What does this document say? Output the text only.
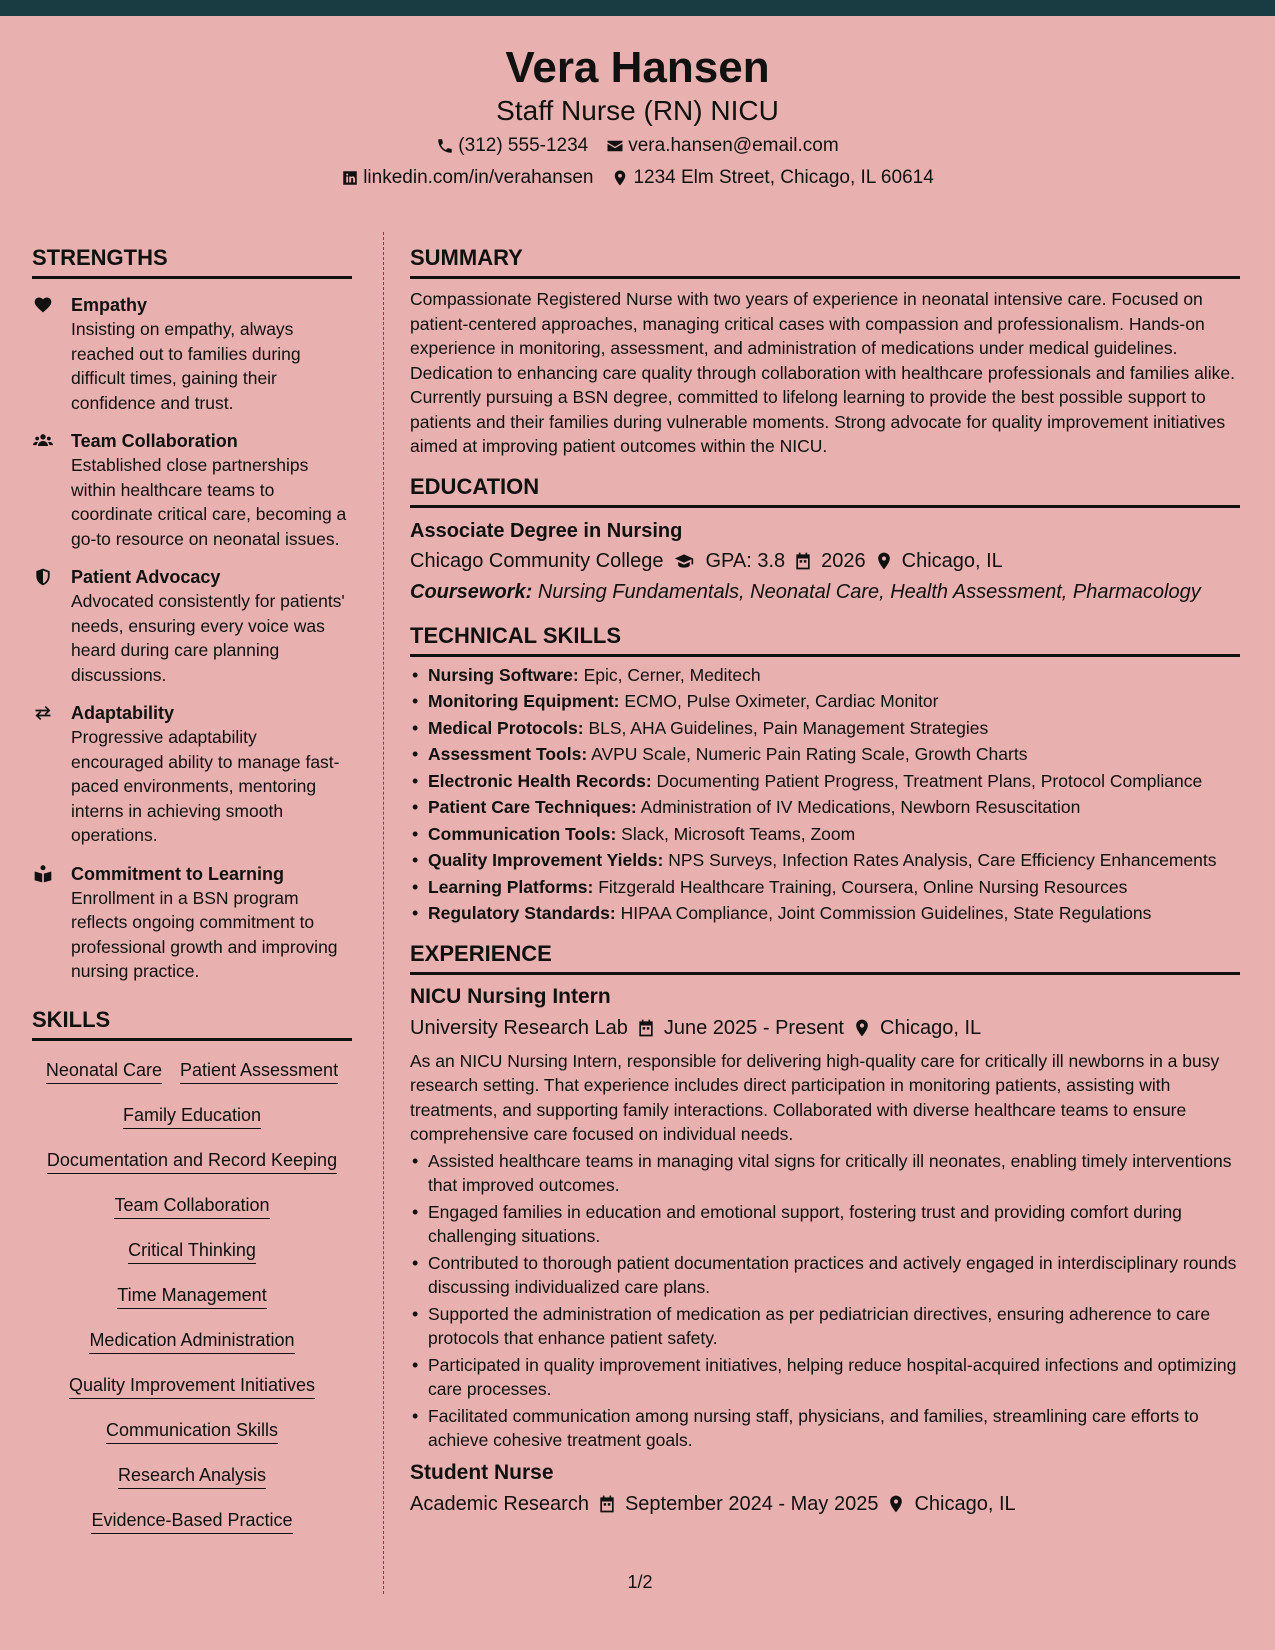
Vera Hansen
Staff Nurse (RN) NICU
(312) 555-1234 vera.hansen@email.com
linkedin.com/in/verahansen 1234 Elm Street, Chicago, IL 60614
STRENGTHS
Empathy
Insisting on empathy, always reached out to families during difficult times, gaining their confidence and trust.
Team Collaboration
Established close partnerships within healthcare teams to coordinate critical care, becoming a go-to resource on neonatal issues.
Patient Advocacy
Advocated consistently for patients' needs, ensuring every voice was heard during care planning discussions.
Adaptability
Progressive adaptability encouraged ability to manage fast-paced environments, mentoring interns in achieving smooth operations.
Commitment to Learning
Enrollment in a BSN program reflects ongoing commitment to professional growth and improving nursing practice.
SKILLS
Neonatal Care Patient Assessment
Family Education
Documentation and Record Keeping
Team Collaboration
Critical Thinking
Time Management
Medication Administration
Quality Improvement Initiatives
Communication Skills
Research Analysis
Evidence-Based Practice
SUMMARY
Compassionate Registered Nurse with two years of experience in neonatal intensive care. Focused on patient-centered approaches, managing critical cases with compassion and professionalism. Hands-on experience in monitoring, assessment, and administration of medications under medical guidelines. Dedication to enhancing care quality through collaboration with healthcare professionals and families alike. Currently pursuing a BSN degree, committed to lifelong learning to provide the best possible support to patients and their families during vulnerable moments. Strong advocate for quality improvement initiatives aimed at improving patient outcomes within the NICU.
EDUCATION
Associate Degree in Nursing
Chicago Community College GPA: 3.8 2026 Chicago, IL
Coursework: Nursing Fundamentals, Neonatal Care, Health Assessment, Pharmacology
TECHNICAL SKILLS
• Nursing Software: Epic, Cerner, Meditech
• Monitoring Equipment: ECMO, Pulse Oximeter, Cardiac Monitor
• Medical Protocols: BLS, AHA Guidelines, Pain Management Strategies
• Assessment Tools: AVPU Scale, Numeric Pain Rating Scale, Growth Charts
• Electronic Health Records: Documenting Patient Progress, Treatment Plans, Protocol Compliance
• Patient Care Techniques: Administration of IV Medications, Newborn Resuscitation
• Communication Tools: Slack, Microsoft Teams, Zoom
• Quality Improvement Yields: NPS Surveys, Infection Rates Analysis, Care Efficiency Enhancements
• Learning Platforms: Fitzgerald Healthcare Training, Coursera, Online Nursing Resources
• Regulatory Standards: HIPAA Compliance, Joint Commission Guidelines, State Regulations
EXPERIENCE
NICU Nursing Intern
University Research Lab June 2025 - Present Chicago, IL
As an NICU Nursing Intern, responsible for delivering high-quality care for critically ill newborns in a busy research setting. That experience includes direct participation in monitoring patients, assisting with treatments, and supporting family interactions. Collaborated with diverse healthcare teams to ensure comprehensive care focused on individual needs.
• Assisted healthcare teams in managing vital signs for critically ill neonates, enabling timely interventions that improved outcomes.
• Engaged families in education and emotional support, fostering trust and providing comfort during challenging situations.
• Contributed to thorough patient documentation practices and actively engaged in interdisciplinary rounds discussing individualized care plans.
• Supported the administration of medication as per pediatrician directives, ensuring adherence to care protocols that enhance patient safety.
• Participated in quality improvement initiatives, helping reduce hospital-acquired infections and optimizing care processes.
• Facilitated communication among nursing staff, physicians, and families, streamlining care efforts to achieve cohesive treatment goals.
Student Nurse
Academic Research September 2024 - May 2025 Chicago, IL
1/2
